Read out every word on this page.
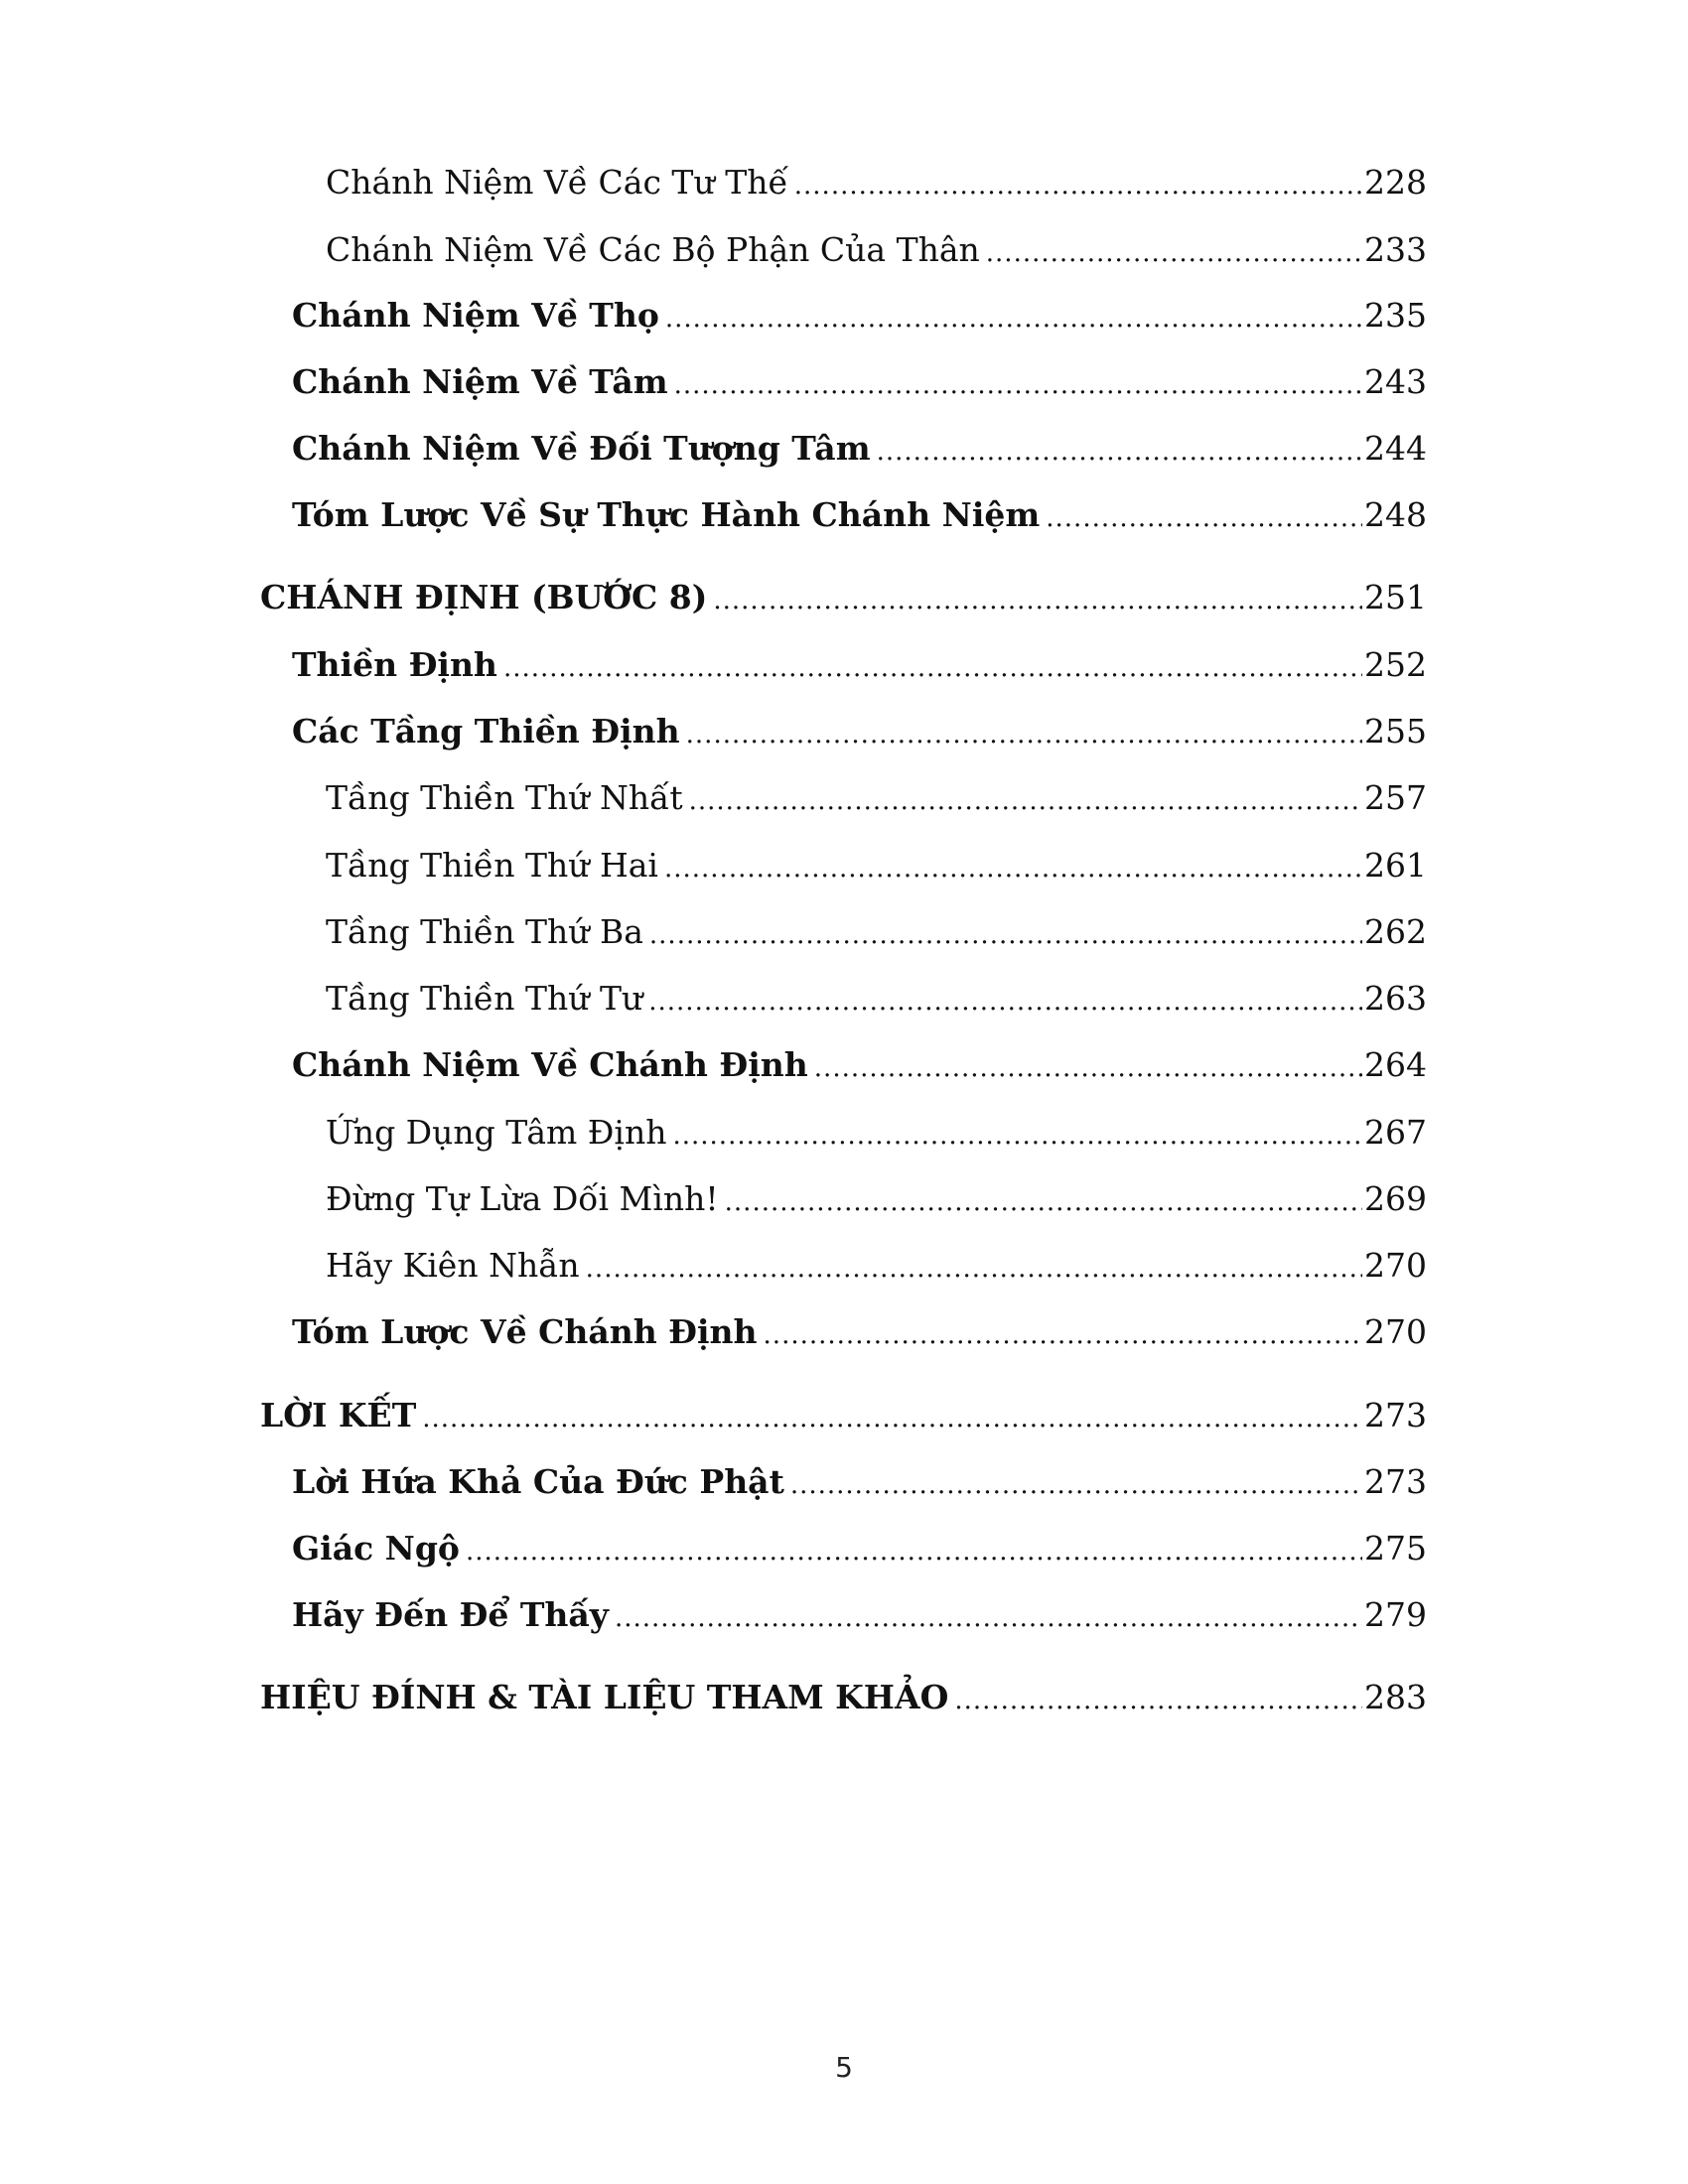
Chánh Niệm Về Các Tư Thế .....	228
Chánh Niệm Về Các Bộ Phận Của Thân .....	233
Chánh Niệm Về Thọ .....	235
Chánh Niệm Về Tâm .....	243
Chánh Niệm Về Đối Tượng Tâm .....	244
Tóm Lược Về Sự Thực Hành Chánh Niệm .....	248
CHÁNH ĐỊNH (BƯỚC 8) .....	251
Thiền Định .....	252
Các Tầng Thiền Định .....	255
Tầng Thiền Thứ Nhất .....	257
Tầng Thiền Thứ Hai .....	261
Tầng Thiền Thứ Ba .....	262
Tầng Thiền Thứ Tư .....	263
Chánh Niệm Về Chánh Định .....	264
Ứng Dụng Tâm Định .....	267
Đừng Tự Lừa Dối Mình! .....	269
Hãy Kiên Nhẫn .....	270
Tóm Lược Về Chánh Định .....	270
LỜI KẾT .....	273
Lời Hứa Khả Của Đức Phật .....	273
Giác Ngộ .....	275
Hãy Đến Để Thấy .....	279
HIỆU ĐÍNH & TÀI LIỆU THAM KHẢO .....	283
5
